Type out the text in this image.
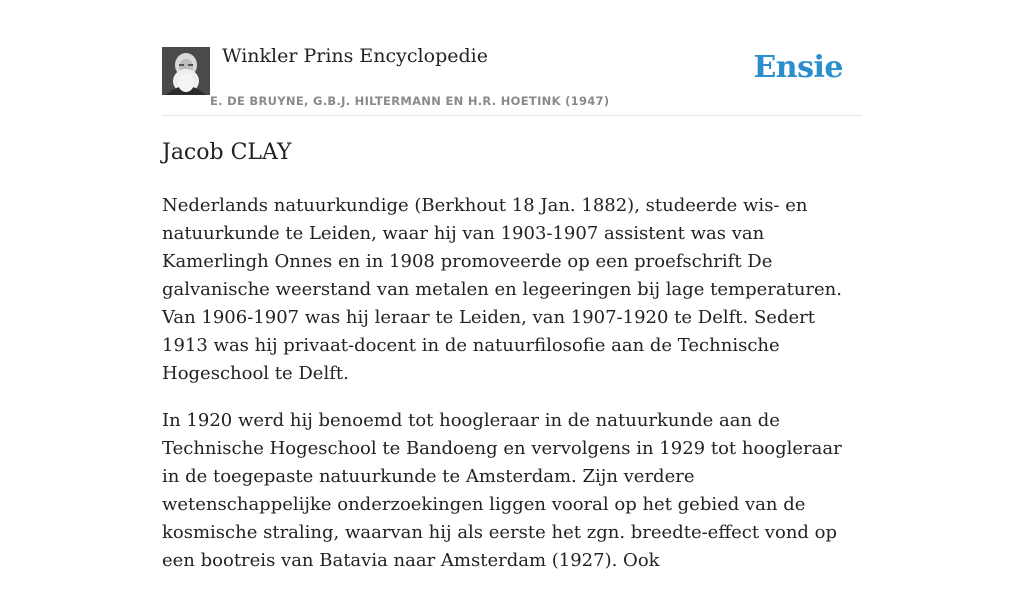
Winkler Prins Encyclopedie
E. DE BRUYNE, G.B.J. HILTERMANN EN H.R. HOETINK (1947)
Ensie
Jacob CLAY

Nederlands natuurkundige (Berkhout 18 Jan. 1882), studeerde wis- en natuurkunde te Leiden, waar hij van 1903-1907 assistent was van Kamerlingh Onnes en in 1908 promoveerde op een proefschrift De galvanische weerstand van metalen en legeeringen bij lage temperaturen. Van 1906-1907 was hij leraar te Leiden, van 1907-1920 te Delft. Sedert 1913 was hij privaat-docent in de natuurfilosofie aan de Technische Hogeschool te Delft.

In 1920 werd hij benoemd tot hoogleraar in de natuurkunde aan de Technische Hogeschool te Bandoeng en vervolgens in 1929 tot hoogleraar in de toegepaste natuurkunde te Amsterdam. Zijn verdere wetenschappelijke onderzoekingen liggen vooral op het gebied van de kosmische straling, waarvan hij als eerste het zgn. breedte-effect vond op een bootreis van Batavia naar Amsterdam (1927). Ook
